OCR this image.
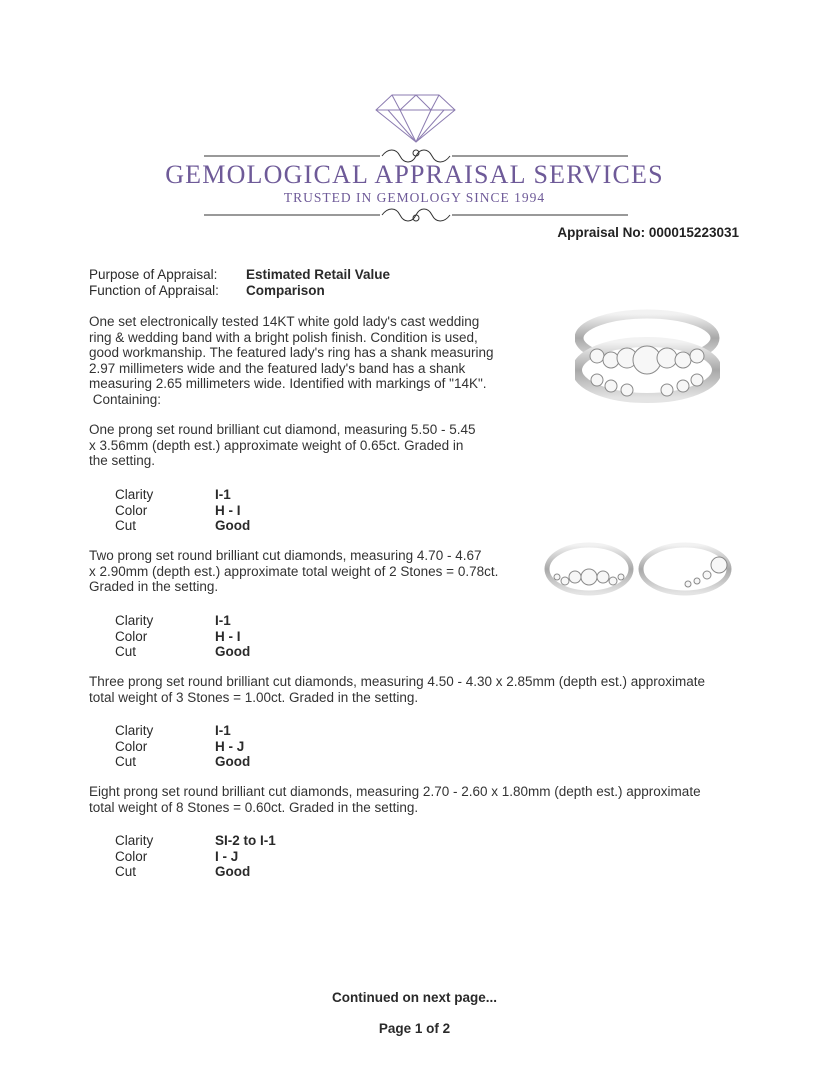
GEMOLOGICAL APPRAISAL SERVICES
TRUSTED IN GEMOLOGY SINCE 1994
Appraisal No: 000015223031
Purpose of Appraisal: Estimated Retail Value
Function of Appraisal: Comparison
One set electronically tested 14KT white gold lady's cast wedding
ring & wedding band with a bright polish finish. Condition is used,
good workmanship. The featured lady's ring has a shank measuring
2.97 millimeters wide and the featured lady's band has a shank
measuring 2.65 millimeters wide. Identified with markings of "14K".
Containing:
One prong set round brilliant cut diamond, measuring 5.50 - 5.45
x 3.56mm (depth est.) approximate weight of 0.65ct. Graded in
the setting.
Clarity	I-1
Color	H - I
Cut	Good
Two prong set round brilliant cut diamonds, measuring 4.70 - 4.67
x 2.90mm (depth est.) approximate total weight of 2 Stones = 0.78ct.
Graded in the setting.
Clarity	I-1
Color	H - I
Cut	Good
Three prong set round brilliant cut diamonds, measuring 4.50 - 4.30 x 2.85mm (depth est.) approximate
total weight of 3 Stones = 1.00ct. Graded in the setting.
Clarity	I-1
Color	H - J
Cut	Good
Eight prong set round brilliant cut diamonds, measuring 2.70 - 2.60 x 1.80mm (depth est.) approximate
total weight of 8 Stones = 0.60ct. Graded in the setting.
Clarity	SI-2 to I-1
Color	I - J
Cut	Good
Continued on next page...
Page 1 of 2
